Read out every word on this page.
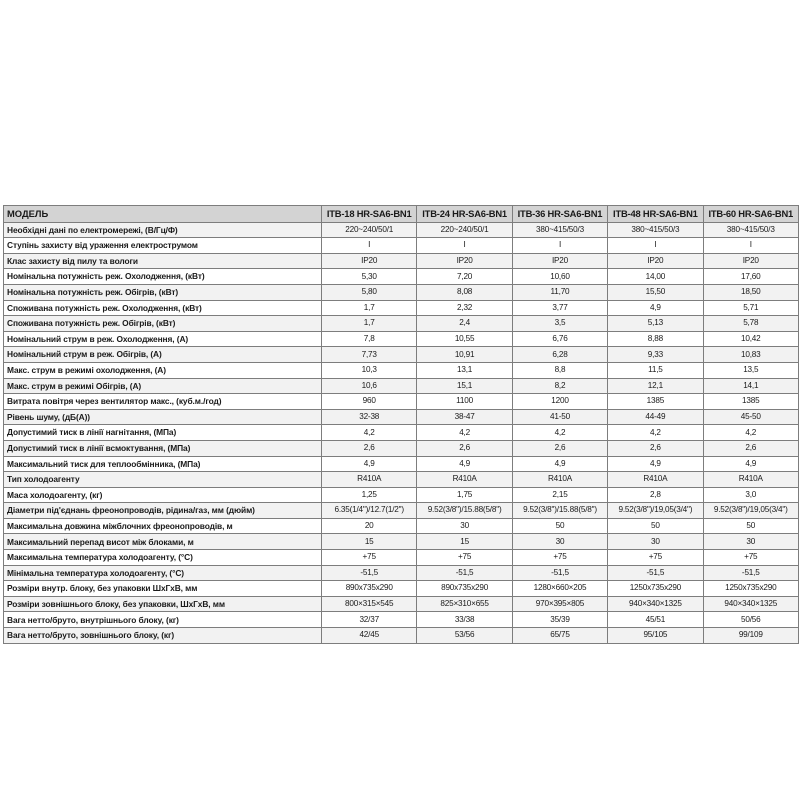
МОДЕЛЬ	ITB-18 HR-SA6-BN1	ITB-24 HR-SA6-BN1	ITB-36 HR-SA6-BN1	ITB-48 HR-SA6-BN1	ITB-60 HR-SA6-BN1
Необхідні дані по електромережі, (В/Гц/Ф)	220~240/50/1	220~240/50/1	380~415/50/3	380~415/50/3	380~415/50/3
Ступінь захисту від ураження електрострумом	I	I	I	I	I
Клас захисту від пилу та вологи	IP20	IP20	IP20	IP20	IP20
Номінальна потужність реж. Охолодження, (кВт)	5,30	7,20	10,60	14,00	17,60
Номінальна потужність реж. Обігрів, (кВт)	5,80	8,08	11,70	15,50	18,50
Споживана потужність реж. Охолодження, (кВт)	1,7	2,32	3,77	4,9	5,71
Споживана потужність реж. Обігрів, (кВт)	1,7	2,4	3,5	5,13	5,78
Номінальний струм в реж. Охолодження, (А)	7,8	10,55	6,76	8,88	10,42
Номінальний струм в реж. Обігрів, (А)	7,73	10,91	6,28	9,33	10,83
Макс. струм в режимі охолодження, (А)	10,3	13,1	8,8	11,5	13,5
Макс. струм в режимі Обігрів, (А)	10,6	15,1	8,2	12,1	14,1
Витрата повітря через вентилятор макс., (куб.м./год)	960	1100	1200	1385	1385
Рівень шуму, (дБ(А))	32-38	38-47	41-50	44-49	45-50
Допустимий тиск в лінії нагнітання, (МПа)	4,2	4,2	4,2	4,2	4,2
Допустимий тиск в лінії всмоктування, (МПа)	2,6	2,6	2,6	2,6	2,6
Максимальний тиск для теплообмінника, (МПа)	4,9	4,9	4,9	4,9	4,9
Тип холодоагенту	R410A	R410A	R410A	R410A	R410A
Маса холодоагенту, (кг)	1,25	1,75	2,15	2,8	3,0
Діаметри під'єднань фреонопроводів, рідина/газ, мм (дюйм)	6.35(1/4")/12.7(1/2")	9.52(3/8")/15.88(5/8")	9.52(3/8")/15.88(5/8")	9.52(3/8")/19,05(3/4")	9.52(3/8")/19,05(3/4")
Максимальна довжина міжблочних фреонопроводів, м	20	30	50	50	50
Максимальний перепад висот між блоками, м	15	15	30	30	30
Максимальна температура холодоагенту, (°С)	+75	+75	+75	+75	+75
Мінімальна температура холодоагенту, (°С)	-51,5	-51,5	-51,5	-51,5	-51,5
Розміри внутр. блоку, без упаковки ШхГхВ, мм	890x735x290	890x735x290	1280×660×205	1250x735x290	1250x735x290
Розміри зовнішнього блоку, без упаковки, ШхГхВ, мм	800×315×545	825×310×655	970×395×805	940×340×1325	940×340×1325
Вага нетто/бруто, внутрішнього блоку, (кг)	32/37	33/38	35/39	45/51	50/56
Вага нетто/бруто, зовнішнього блоку, (кг)	42/45	53/56	65/75	95/105	99/109
